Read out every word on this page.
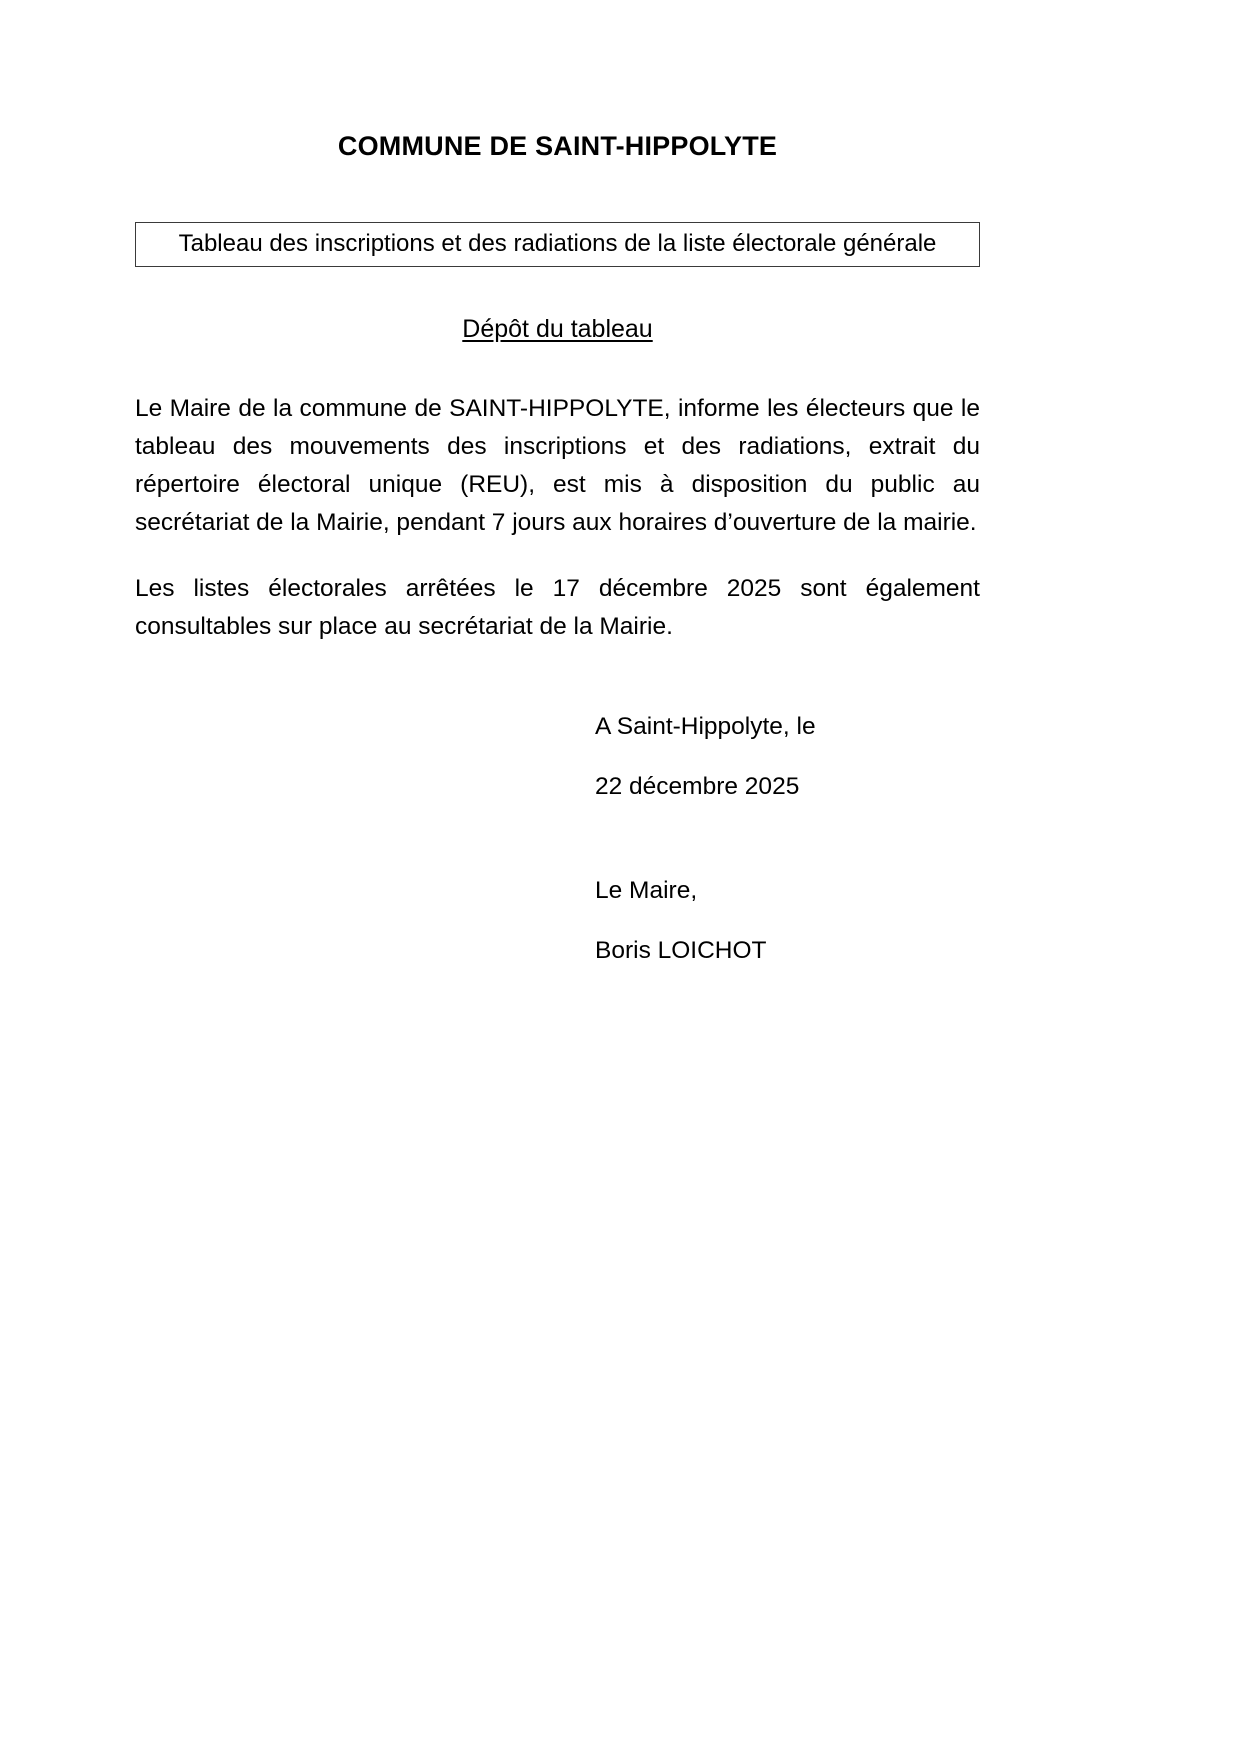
COMMUNE DE SAINT-HIPPOLYTE
Tableau des inscriptions et des radiations de la liste électorale générale
Dépôt du tableau

Le Maire de la commune de SAINT-HIPPOLYTE, informe les électeurs que le tableau des mouvements des inscriptions et des radiations, extrait du répertoire électoral unique (REU), est mis à disposition du public au secrétariat de la Mairie, pendant 7 jours aux horaires d’ouverture de la mairie.

Les listes électorales arrêtées le 17 décembre 2025 sont également consultables sur place au secrétariat de la Mairie.

A Saint-Hippolyte, le

22 décembre 2025

Le Maire,

Boris LOICHOT
